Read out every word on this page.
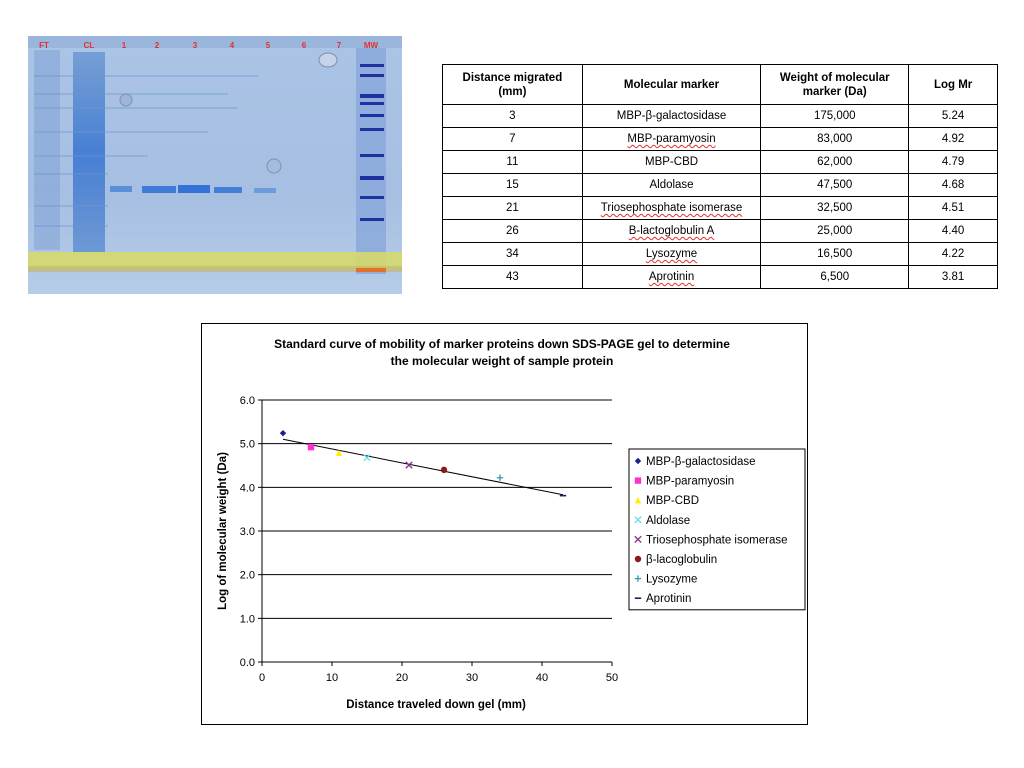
FT	CL	1	2	3	4	5	6	7	MW
Distance migrated (mm)	Molecular marker	Weight of molecular marker (Da)	Log Mr
3	MBP-β-galactosidase	175,000	5.24
7	MBP-paramyosin	83,000	4.92
11	MBP-CBD	62,000	4.79
15	Aldolase	47,500	4.68
21	Triosephosphate isomerase	32,500	4.51
26	B-lactoglobulin A	25,000	4.40
34	Lysozyme	16,500	4.22
43	Aprotinin	6,500	3.81
Standard curve of mobility of marker proteins down SDS-PAGE gel to determine
the molecular weight of sample protein
0.0
1.0
2.0
3.0
4.0
5.0
6.0
0	10	20	30	40	50
Distance traveled down gel (mm)
Log of molecular weight (Da)	MBP-β-galactosidase
MBP-paramyosin
MBP-CBD
Aldolase
Triosephosphate isomerase
β-lacoglobulin
Lysozyme
Aprotinin
